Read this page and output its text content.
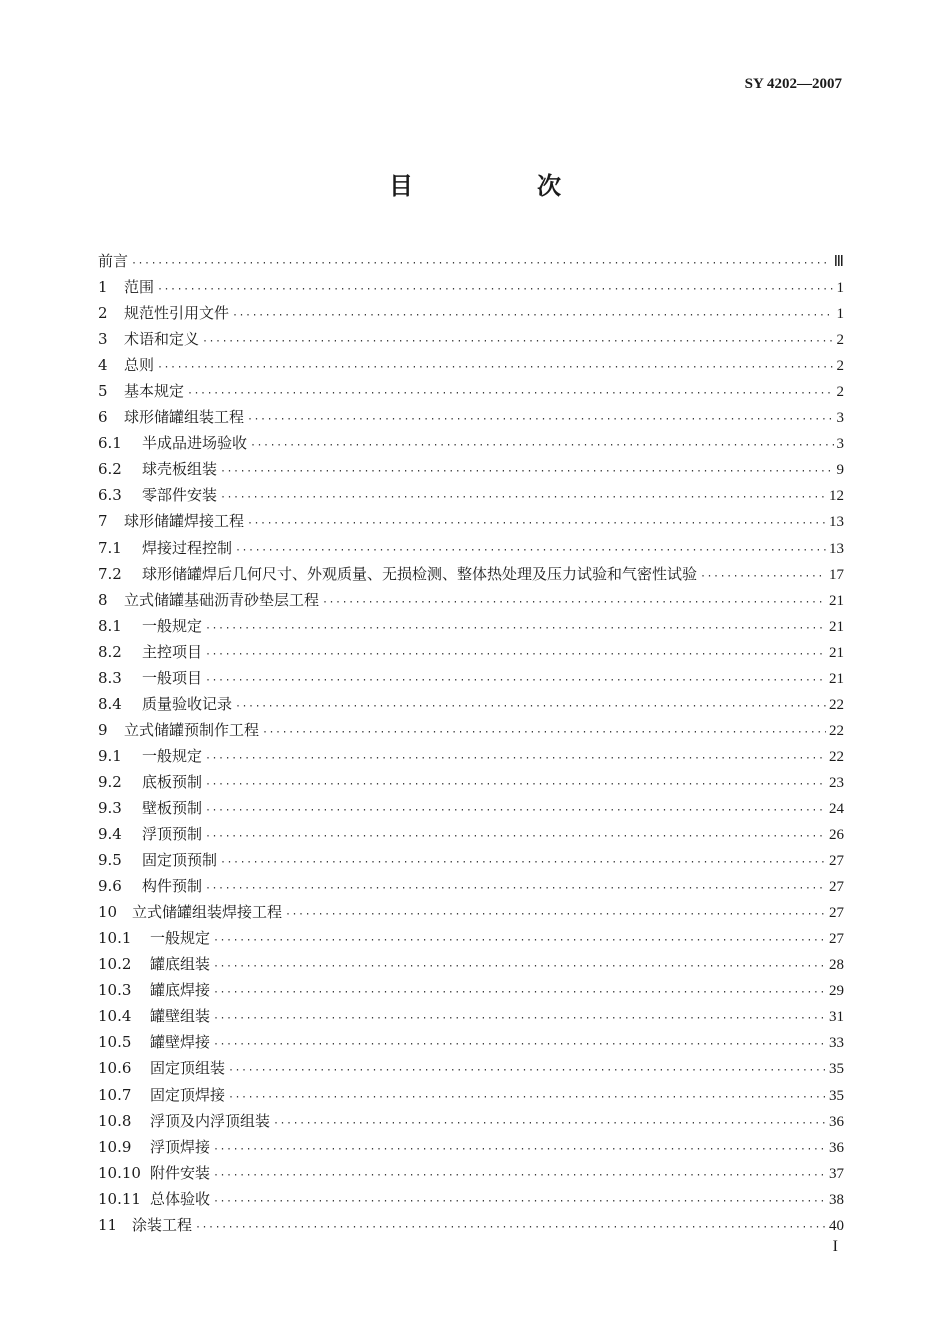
SY 4202—2007
目　次
前言 ·····	Ⅲ
1	范围 ·····	1
2	规范性引用文件 ·····	1
3	术语和定义 ·····	2
4	总则 ·····	2
5	基本规定 ·····	2
6	球形储罐组装工程 ·····	3
6.1	半成品进场验收 ·····	3
6.2	球壳板组装 ·····	9
6.3	零部件安装 ·····	12
7	球形储罐焊接工程 ·····	13
7.1	焊接过程控制 ·····	13
7.2	球形储罐焊后几何尺寸、外观质量、无损检测、整体热处理及压力试验和气密性试验 ·····	17
8	立式储罐基础沥青砂垫层工程 ·····	21
8.1	一般规定 ·····	21
8.2	主控项目 ·····	21
8.3	一般项目 ·····	21
8.4	质量验收记录 ·····	22
9	立式储罐预制作工程 ·····	22
9.1	一般规定 ·····	22
9.2	底板预制 ·····	23
9.3	壁板预制 ·····	24
9.4	浮顶预制 ·····	26
9.5	固定顶预制 ·····	27
9.6	构件预制 ·····	27
10 立式储罐组装焊接工程 ·····	27
10.1	一般规定 ·····	27
10.2	罐底组装 ·····	28
10.3	罐底焊接 ·····	29
10.4	罐壁组装 ·····	31
10.5	罐壁焊接 ·····	33
10.6	固定顶组装 ·····	35
10.7	固定顶焊接 ·····	35
10.8	浮顶及内浮顶组装 ·····	36
10.9	浮顶焊接 ·····	36
10.10 附件安装 ·····	37
10.11 总体验收 ·····	38
11 涂装工程 ·····	40
I
